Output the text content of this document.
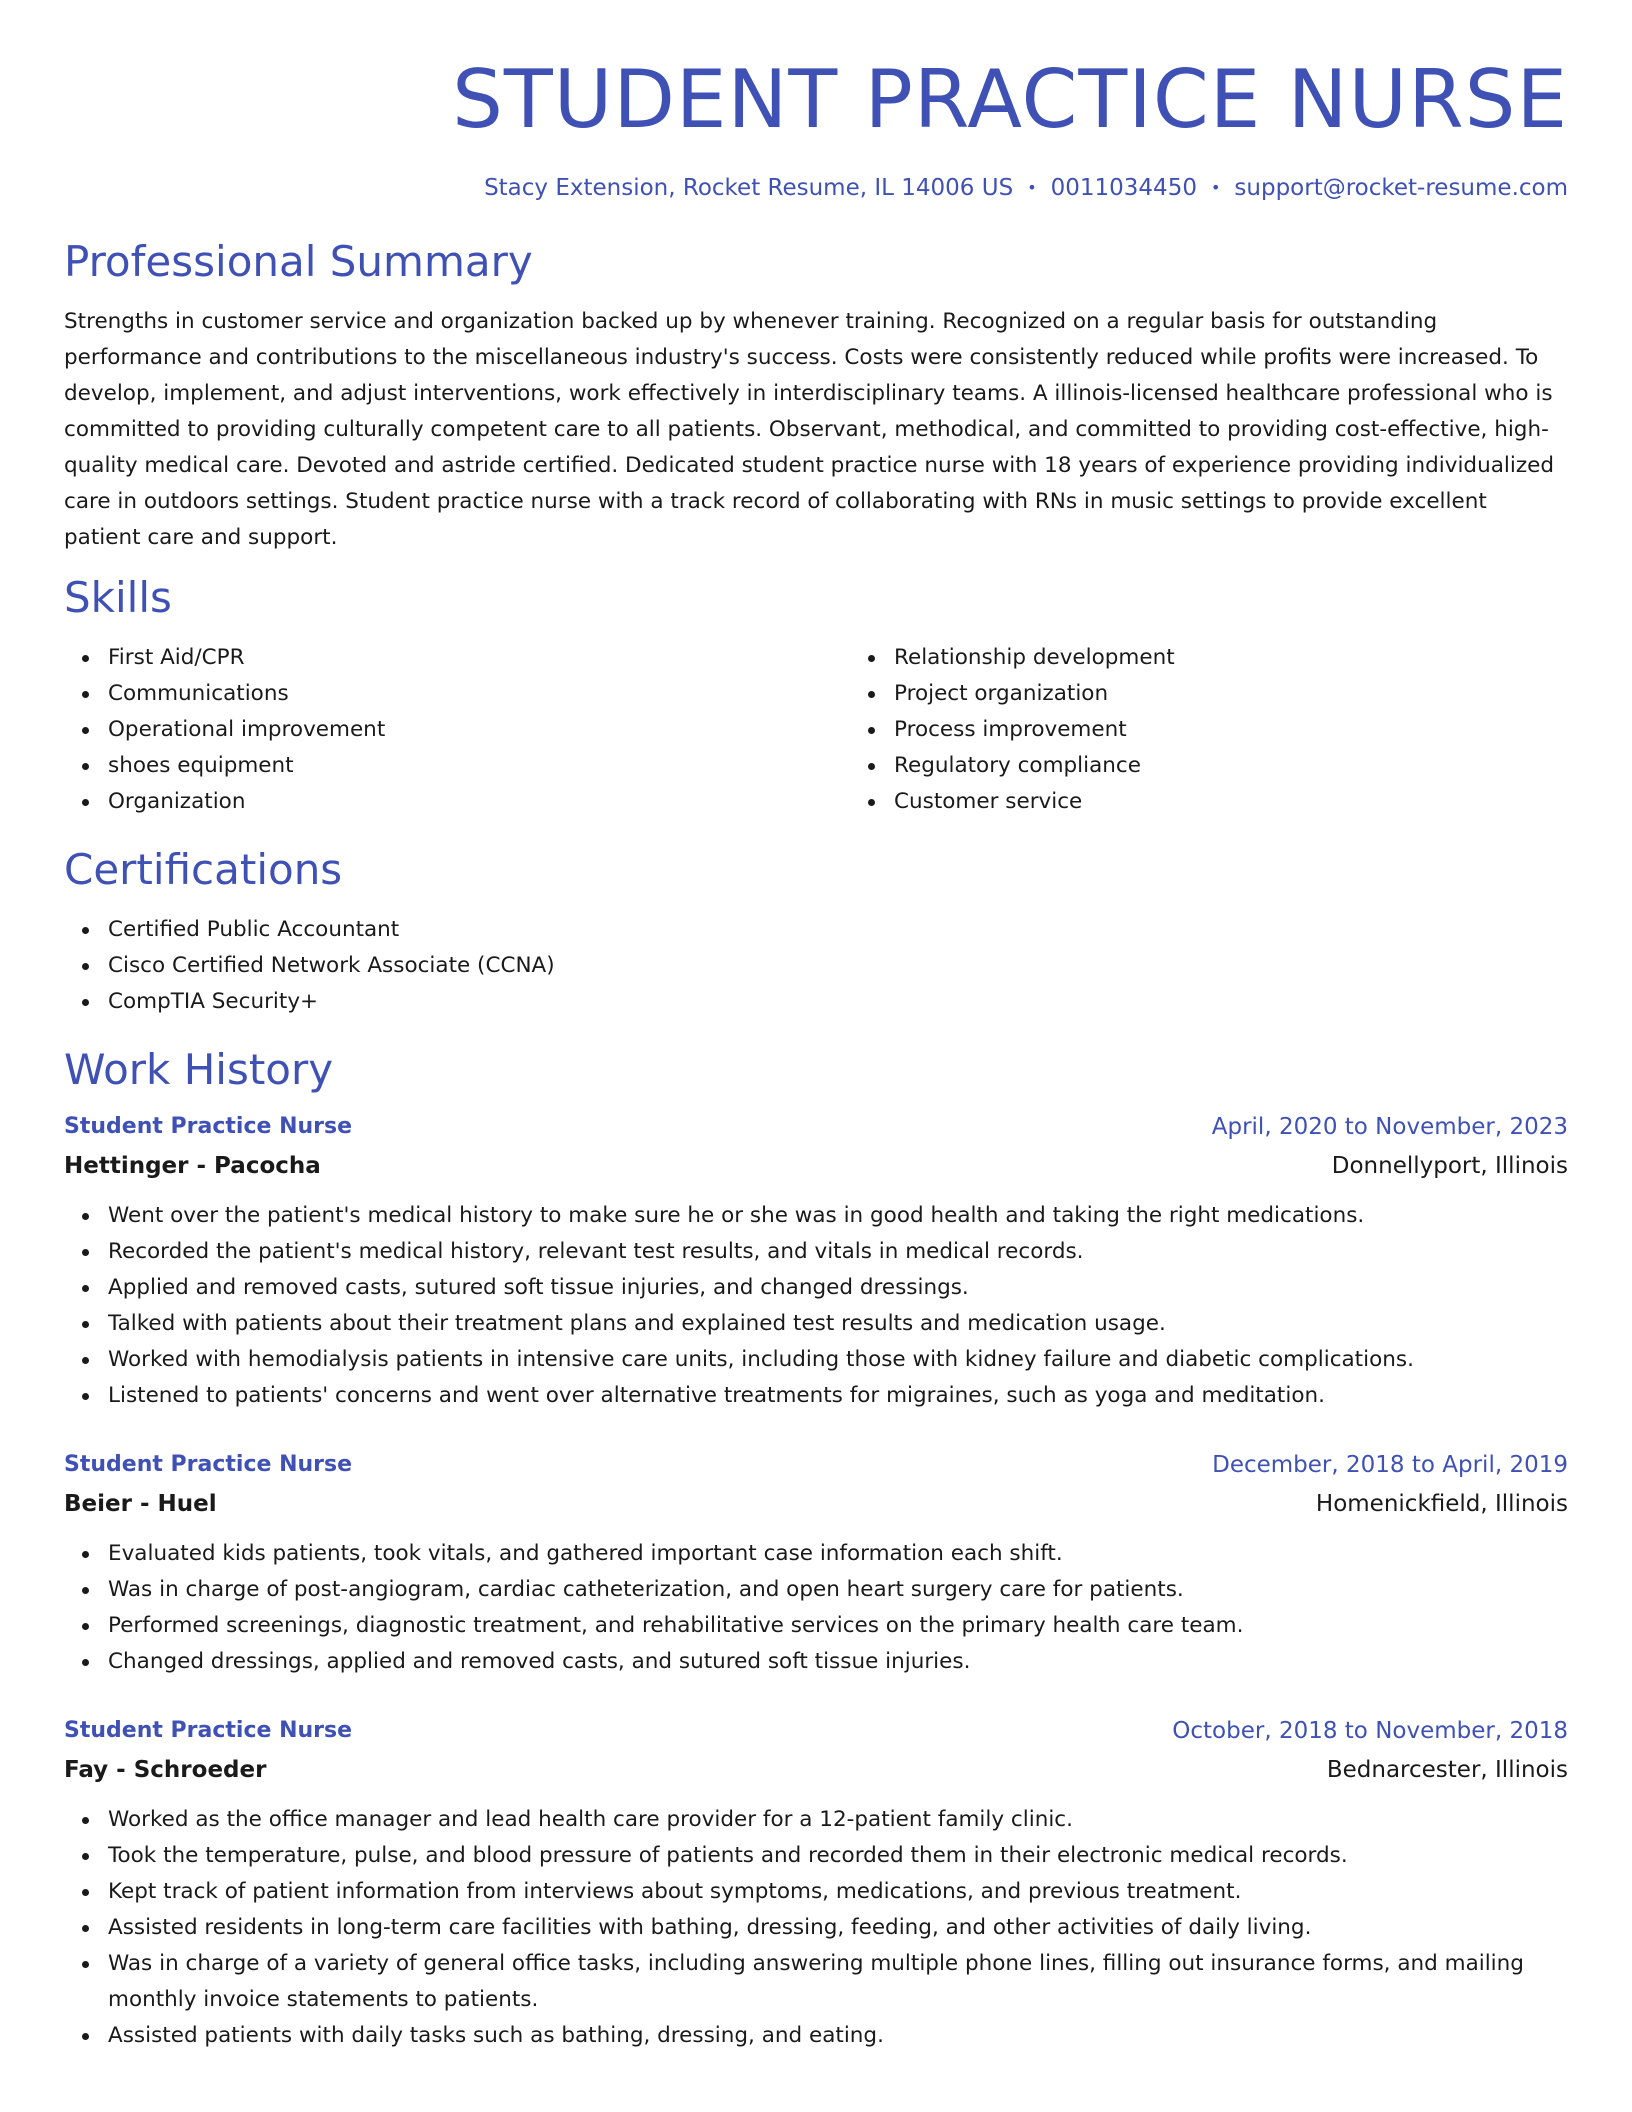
STUDENT PRACTICE NURSE
Stacy Extension, Rocket Resume, IL 14006 US • 0011034450 • support@rocket-resume.com
Professional Summary

Strengths in customer service and organization backed up by whenever training. Recognized on a regular basis for outstanding performance and contributions to the miscellaneous industry's success. Costs were consistently reduced while profits were increased. To develop, implement, and adjust interventions, work effectively in interdisciplinary teams. A illinois-licensed healthcare professional who is committed to providing culturally competent care to all patients. Observant, methodical, and committed to providing cost-effective, high-quality medical care. Devoted and astride certified. Dedicated student practice nurse with 18 years of experience providing individualized care in outdoors settings. Student practice nurse with a track record of collaborating with RNs in music settings to provide excellent patient care and support.

Skills
First Aid/CPR
Communications
Operational improvement
shoes equipment
Organization
Relationship development
Project organization
Process improvement
Regulatory compliance
Customer service
Certifications
Certified Public Accountant
Cisco Certified Network Associate (CCNA)
CompTIA Security+
Work History
Student Practice Nurse	April, 2020 to November, 2023
Hettinger - Pacocha	Donnellyport, Illinois
Went over the patient's medical history to make sure he or she was in good health and taking the right medications.
Recorded the patient's medical history, relevant test results, and vitals in medical records.
Applied and removed casts, sutured soft tissue injuries, and changed dressings.
Talked with patients about their treatment plans and explained test results and medication usage.
Worked with hemodialysis patients in intensive care units, including those with kidney failure and diabetic complications.
Listened to patients' concerns and went over alternative treatments for migraines, such as yoga and meditation.
Student Practice Nurse	December, 2018 to April, 2019
Beier - Huel	Homenickfield, Illinois
Evaluated kids patients, took vitals, and gathered important case information each shift.
Was in charge of post-angiogram, cardiac catheterization, and open heart surgery care for patients.
Performed screenings, diagnostic treatment, and rehabilitative services on the primary health care team.
Changed dressings, applied and removed casts, and sutured soft tissue injuries.
Student Practice Nurse	October, 2018 to November, 2018
Fay - Schroeder	Bednarcester, Illinois
Worked as the office manager and lead health care provider for a 12-patient family clinic.
Took the temperature, pulse, and blood pressure of patients and recorded them in their electronic medical records.
Kept track of patient information from interviews about symptoms, medications, and previous treatment.
Assisted residents in long-term care facilities with bathing, dressing, feeding, and other activities of daily living.
Was in charge of a variety of general office tasks, including answering multiple phone lines, filling out insurance forms, and mailing monthly invoice statements to patients.
Assisted patients with daily tasks such as bathing, dressing, and eating.
